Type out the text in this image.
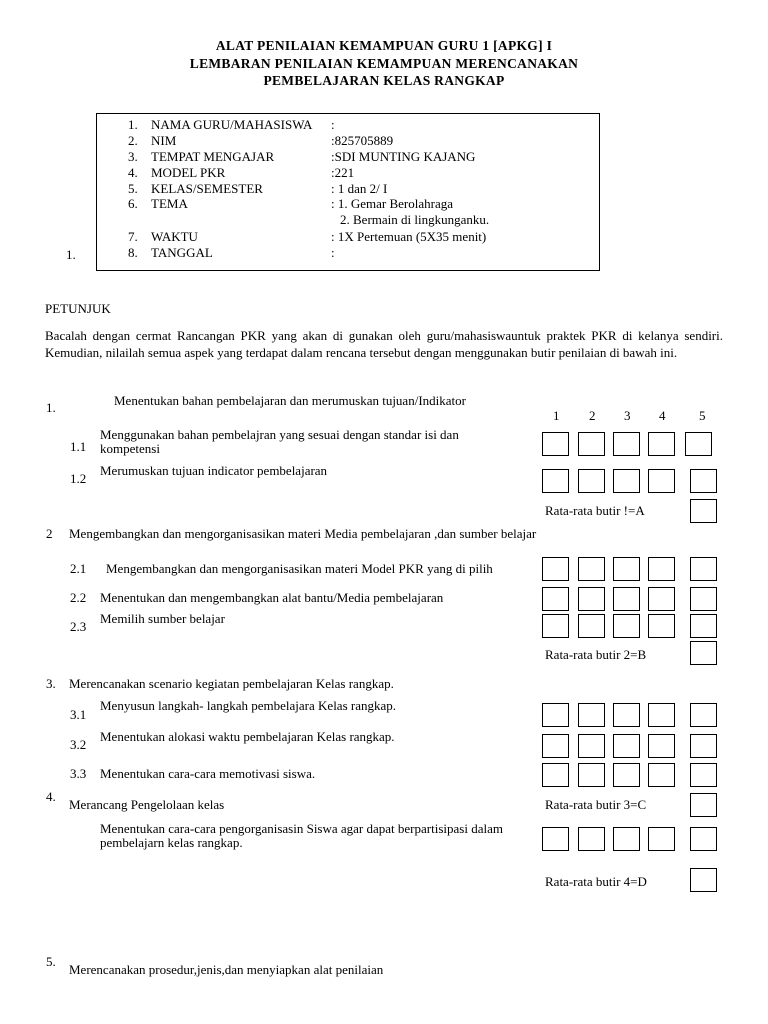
ALAT PENILAIAN KEMAMPUAN GURU 1 [APKG] I
LEMBARAN PENILAIAN KEMAMPUAN MERENCANAKAN
PEMBELAJARAN KELAS RANGKAP
1.
1. NAMA GURU/MAHASISWA :
2. NIM	:825705889
3. TEMPAT MENGAJAR	:SDI MUNTING KAJANG
4. MODEL PKR	:221
5. KELAS/SEMESTER	: 1 dan 2/ I
6. TEMA	: 1. Gemar Berolahraga
2. Bermain di lingkunganku.
7. WAKTU	: 1X Pertemuan (5X35 menit)
8. TANGGAL	:
PETUNJUK
Bacalah dengan cermat Rancangan PKR yang akan di gunakan oleh guru/mahasiswauntuk praktek PKR di kelanya sendiri. Kemudian, nilailah semua aspek yang terdapat dalam rencana tersebut dengan menggunakan butir penilaian di bawah ini.
1.	Menentukan bahan pembelajaran dan merumuskan tujuan/Indikator
1 2 3 4	5
1.1
Menggunakan bahan pembelajran yang sesuai dengan standar isi dan kompetensi
1.2
Merumuskan tujuan indicator pembelajaran
Rata-rata butir !=A
2 Mengembangkan dan mengorganisasikan materi Media pembelajaran ,dan sumber belajar
2.1 Mengembangkan dan mengorganisasikan materi Model PKR yang di pilih
2.2 Menentukan dan mengembangkan alat bantu/Media pembelajaran
2.3
Memilih sumber belajar
Rata-rata butir 2=B
3. Merencanakan scenario kegiatan pembelajaran Kelas rangkap.
3.1
Menyusun langkah- langkah pembelajara Kelas rangkap.
3.2
Menentukan alokasi waktu pembelajaran Kelas rangkap.
3.3 Menentukan cara-cara memotivasi siswa.
Rata-rata butir 3=C
4.
Merancang Pengelolaan kelas
Menentukan cara-cara pengorganisasin Siswa agar dapat berpartisipasi dalam pembelajarn kelas rangkap.
Rata-rata butir 4=D
5.
Merencanakan prosedur,jenis,dan menyiapkan alat penilaian
